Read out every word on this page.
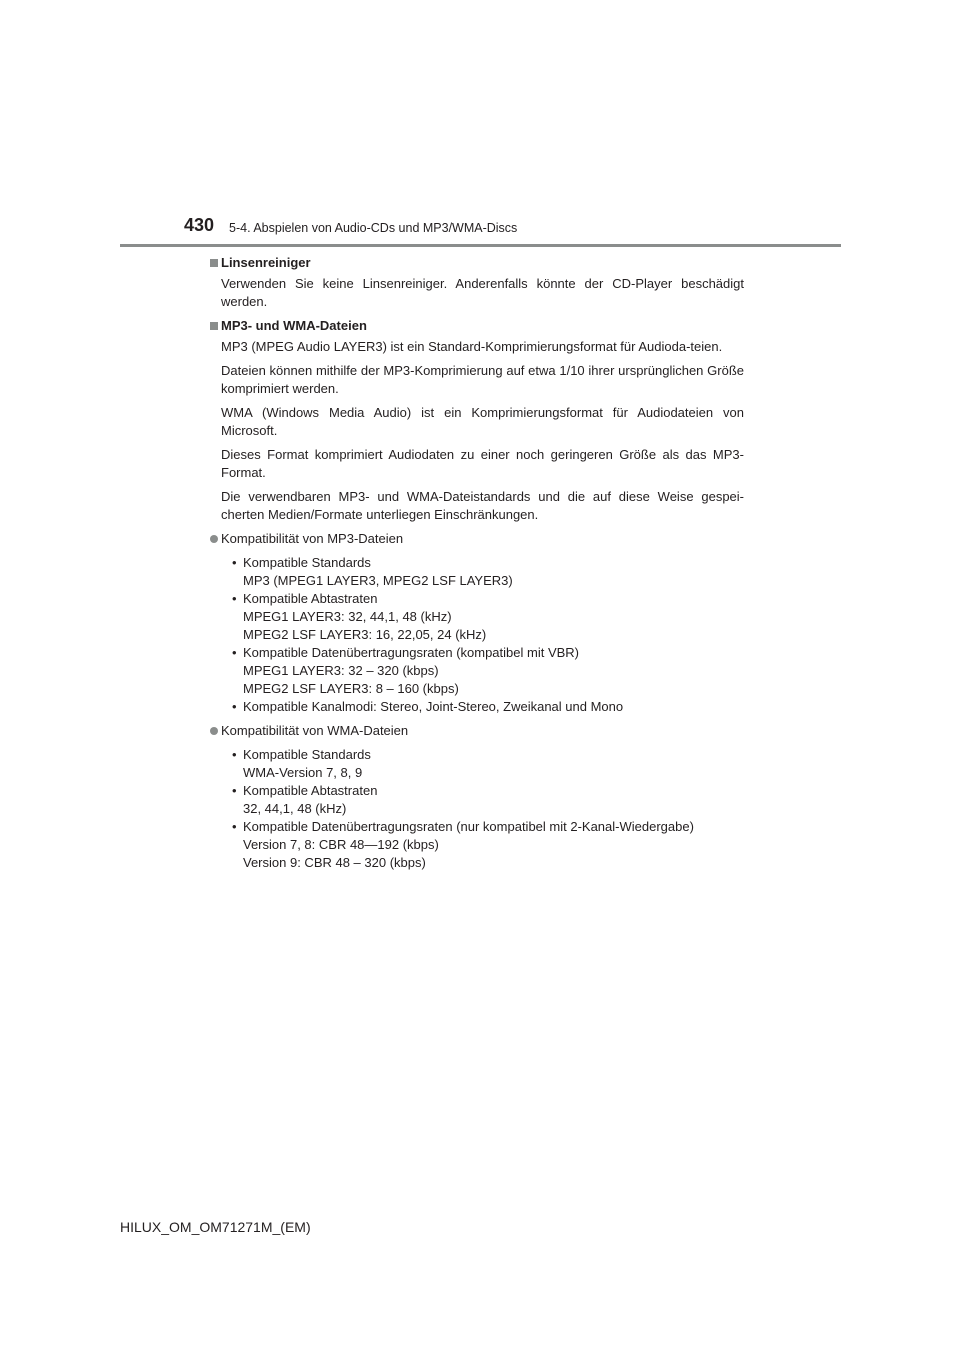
430 5-4. Abspielen von Audio-CDs und MP3/WMA-Discs
Linsenreiniger

Verwenden Sie keine Linsenreiniger. Anderenfalls könnte der CD-Player beschädigt werden.

MP3- und WMA-Dateien

MP3 (MPEG Audio LAYER3) ist ein Standard-Komprimierungsformat für Audioda-teien.

Dateien können mithilfe der MP3-Komprimierung auf etwa 1/10 ihrer ursprünglichen Größe komprimiert werden.

WMA (Windows Media Audio) ist ein Komprimierungsformat für Audiodateien von Microsoft.

Dieses Format komprimiert Audiodaten zu einer noch geringeren Größe als das MP3-Format.

Die verwendbaren MP3- und WMA-Dateistandards und die auf diese Weise gespei-cherten Medien/Formate unterliegen Einschränkungen.

Kompatibilität von MP3-Dateien
• Kompatible Standards
MP3 (MPEG1 LAYER3, MPEG2 LSF LAYER3)
• Kompatible Abtastraten
MPEG1 LAYER3: 32, 44,1, 48 (kHz)
MPEG2 LSF LAYER3: 16, 22,05, 24 (kHz)
• Kompatible Datenübertragungsraten (kompatibel mit VBR)
MPEG1 LAYER3: 32 – 320 (kbps)
MPEG2 LSF LAYER3: 8 – 160 (kbps)
• Kompatible Kanalmodi: Stereo, Joint-Stereo, Zweikanal und Mono
Kompatibilität von WMA-Dateien
• Kompatible Standards
WMA-Version 7, 8, 9
• Kompatible Abtastraten
32, 44,1, 48 (kHz)
• Kompatible Datenübertragungsraten (nur kompatibel mit 2-Kanal-Wiedergabe)
Version 7, 8: CBR 48—192 (kbps)
Version 9: CBR 48 – 320 (kbps)
HILUX_OM_OM71271M_(EM)
